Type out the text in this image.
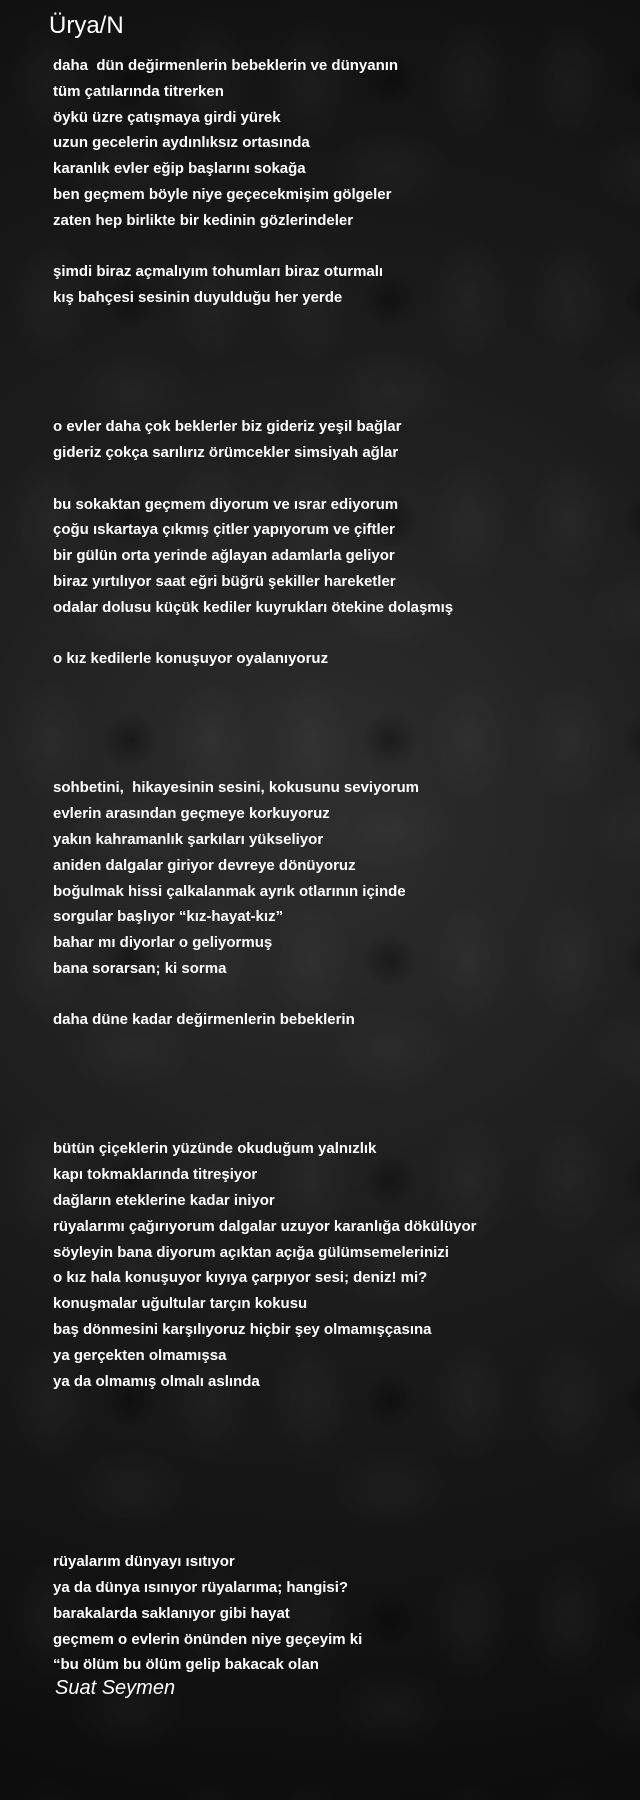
Ürya/N
daha  dün değirmenlerin bebeklerin ve dünyanın
tüm çatılarında titrerken
öykü üzre çatışmaya girdi yürek
uzun gecelerin aydınlıksız ortasında
karanlık evler eğip başlarını sokağa
ben geçmem böyle niye geçecekmişim gölgeler
zaten hep birlikte bir kedinin gözlerindeler
şimdi biraz açmalıyım tohumları biraz oturmalı
kış bahçesi sesinin duyulduğu her yerde
o evler daha çok beklerler biz gideriz yeşil bağlar
gideriz çokça sarılırız örümcekler simsiyah ağlar
bu sokaktan geçmem diyorum ve ısrar ediyorum
çoğu ıskartaya çıkmış çitler yapıyorum ve çiftler
bir gülün orta yerinde ağlayan adamlarla geliyor
biraz yırtılıyor saat eğri büğrü şekiller hareketler
odalar dolusu küçük kediler kuyrukları ötekine dolaşmış
o kız kedilerle konuşuyor oyalanıyoruz
sohbetini,  hikayesinin sesini, kokusunu seviyorum
evlerin arasından geçmeye korkuyoruz
yakın kahramanlık şarkıları yükseliyor
aniden dalgalar giriyor devreye dönüyoruz
boğulmak hissi çalkalanmak ayrık otlarının içinde
sorgular başlıyor “kız-hayat-kız”
bahar mı diyorlar o geliyormuş
bana sorarsan; ki sorma
daha düne kadar değirmenlerin bebeklerin
bütün çiçeklerin yüzünde okuduğum yalnızlık
kapı tokmaklarında titreşiyor
dağların eteklerine kadar iniyor
rüyalarımı çağırıyorum dalgalar uzuyor karanlığa dökülüyor
söyleyin bana diyorum açıktan açığa gülümsemelerinizi
o kız hala konuşuyor kıyıya çarpıyor sesi; deniz! mi?
konuşmalar uğultular tarçın kokusu
baş dönmesini karşılıyoruz hiçbir şey olmamışçasına
ya gerçekten olmamışsa
ya da olmamış olmalı aslında
rüyalarım dünyayı ısıtıyor
ya da dünya ısınıyor rüyalarıma; hangisi?
barakalarda saklanıyor gibi hayat
geçmem o evlerin önünden niye geçeyim ki
“bu ölüm bu ölüm gelip bakacak olan

Suat Seymen
